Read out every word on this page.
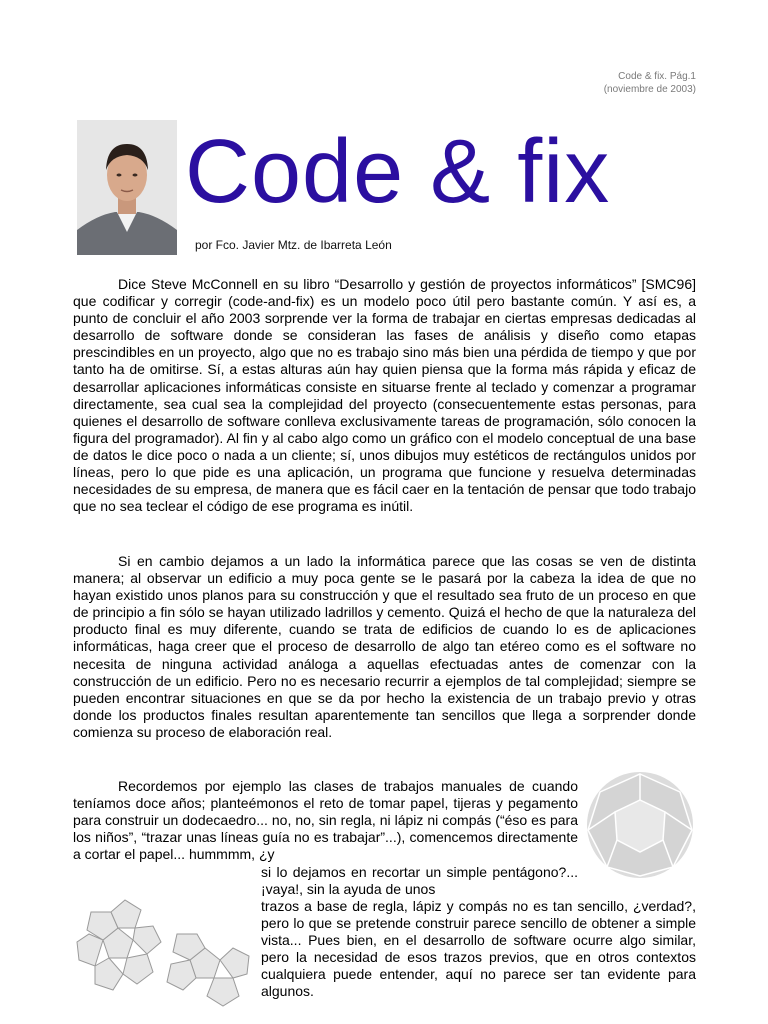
Code & fix. Pág.1
(noviembre de 2003)
Code & fix
por Fco. Javier Mtz. de Ibarreta León
Dice Steve McConnell en su libro “Desarrollo y gestión de proyectos informáticos” [SMC96] que codificar y corregir (code-and-fix) es un modelo poco útil pero bastante común. Y así es, a punto de concluir el año 2003 sorprende ver la forma de trabajar en ciertas empresas dedicadas al desarrollo de software donde se consideran las fases de análisis y diseño como etapas prescindibles en un proyecto, algo que no es trabajo sino más bien una pérdida de tiempo y que por tanto ha de omitirse. Sí, a estas alturas aún hay quien piensa que la forma más rápida y eficaz de desarrollar aplicaciones informáticas consiste en situarse frente al teclado y comenzar a programar directamente, sea cual sea la complejidad del proyecto (consecuentemente estas personas, para quienes el desarrollo de software conlleva exclusivamente tareas de programación, sólo conocen la figura del programador). Al fin y al cabo algo como un gráfico con el modelo conceptual de una base de datos le dice poco o nada a un cliente; sí, unos dibujos muy estéticos de rectángulos unidos por líneas, pero lo que pide es una aplicación, un programa que funcione y resuelva determinadas necesidades de su empresa, de manera que es fácil caer en la tentación de pensar que todo trabajo que no sea teclear el código de ese programa es inútil.
Si en cambio dejamos a un lado la informática parece que las cosas se ven de distinta manera; al observar un edificio a muy poca gente se le pasará por la cabeza la idea de que no hayan existido unos planos para su construcción y que el resultado sea fruto de un proceso en que de principio a fin sólo se hayan utilizado ladrillos y cemento. Quizá el hecho de que la naturaleza del producto final es muy diferente, cuando se trata de edificios de cuando lo es de aplicaciones informáticas, haga creer que el proceso de desarrollo de algo tan etéreo como es el software no necesita de ninguna actividad análoga a aquellas efectuadas antes de comenzar con la construcción de un edificio. Pero no es necesario recurrir a ejemplos de tal complejidad; siempre se pueden encontrar situaciones en que se da por hecho la existencia de un trabajo previo y otras donde los productos finales resultan aparentemente tan sencillos que llega a sorprender donde comienza su proceso de elaboración real.
Recordemos por ejemplo las clases de trabajos manuales de cuando teníamos doce años; planteémonos el reto de tomar papel, tijeras y pegamento para construir un dodecaedro... no, no, sin regla, ni lápiz ni compás (“éso es para los niños”, “trazar unas líneas guía no es trabajar”...), comencemos directamente a cortar el papel... hummmm, ¿y
si lo dejamos en recortar un simple pentágono?... ¡vaya!, sin la ayuda de unos
trazos a base de regla, lápiz y compás no es tan sencillo, ¿verdad?, pero lo que se pretende construir parece sencillo de obtener a simple vista... Pues bien, en el desarrollo de software ocurre algo similar, pero la necesidad de esos trazos previos, que en otros contextos cualquiera puede entender, aquí no parece ser tan evidente para algunos.
